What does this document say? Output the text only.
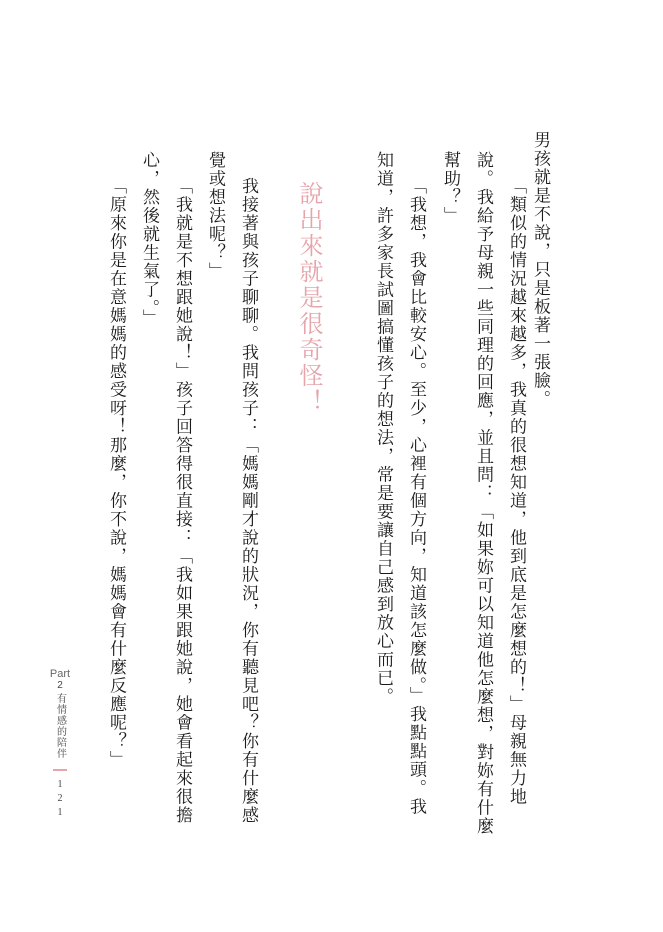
男孩就是不說，只是板著一張臉。
「類似的情況越來越多，我真的很想知道，他到底是怎麼想的！」母親無力地
說。我給予母親一些同理的回應，並且問：「如果妳可以知道他怎麼想，對妳有什麼
幫助？」
「我想，我會比較安心。至少，心裡有個方向，知道該怎麼做。」我點點頭。我
知道，許多家長試圖搞懂孩子的想法，常是要讓自己感到放心而已。
說出來就是很奇怪！
我接著與孩子聊聊。我問孩子：「媽媽剛才說的狀況，你有聽見吧？你有什麼感
覺或想法呢？」
「我就是不想跟她說！」孩子回答得很直接：「我如果跟她說，她會看起來很擔
心，然後就生氣了。」
「原來你是在意媽媽的感受呀！那麼，你不說，媽媽會有什麼反應呢？」
Part
2
有情感的陪伴
121
